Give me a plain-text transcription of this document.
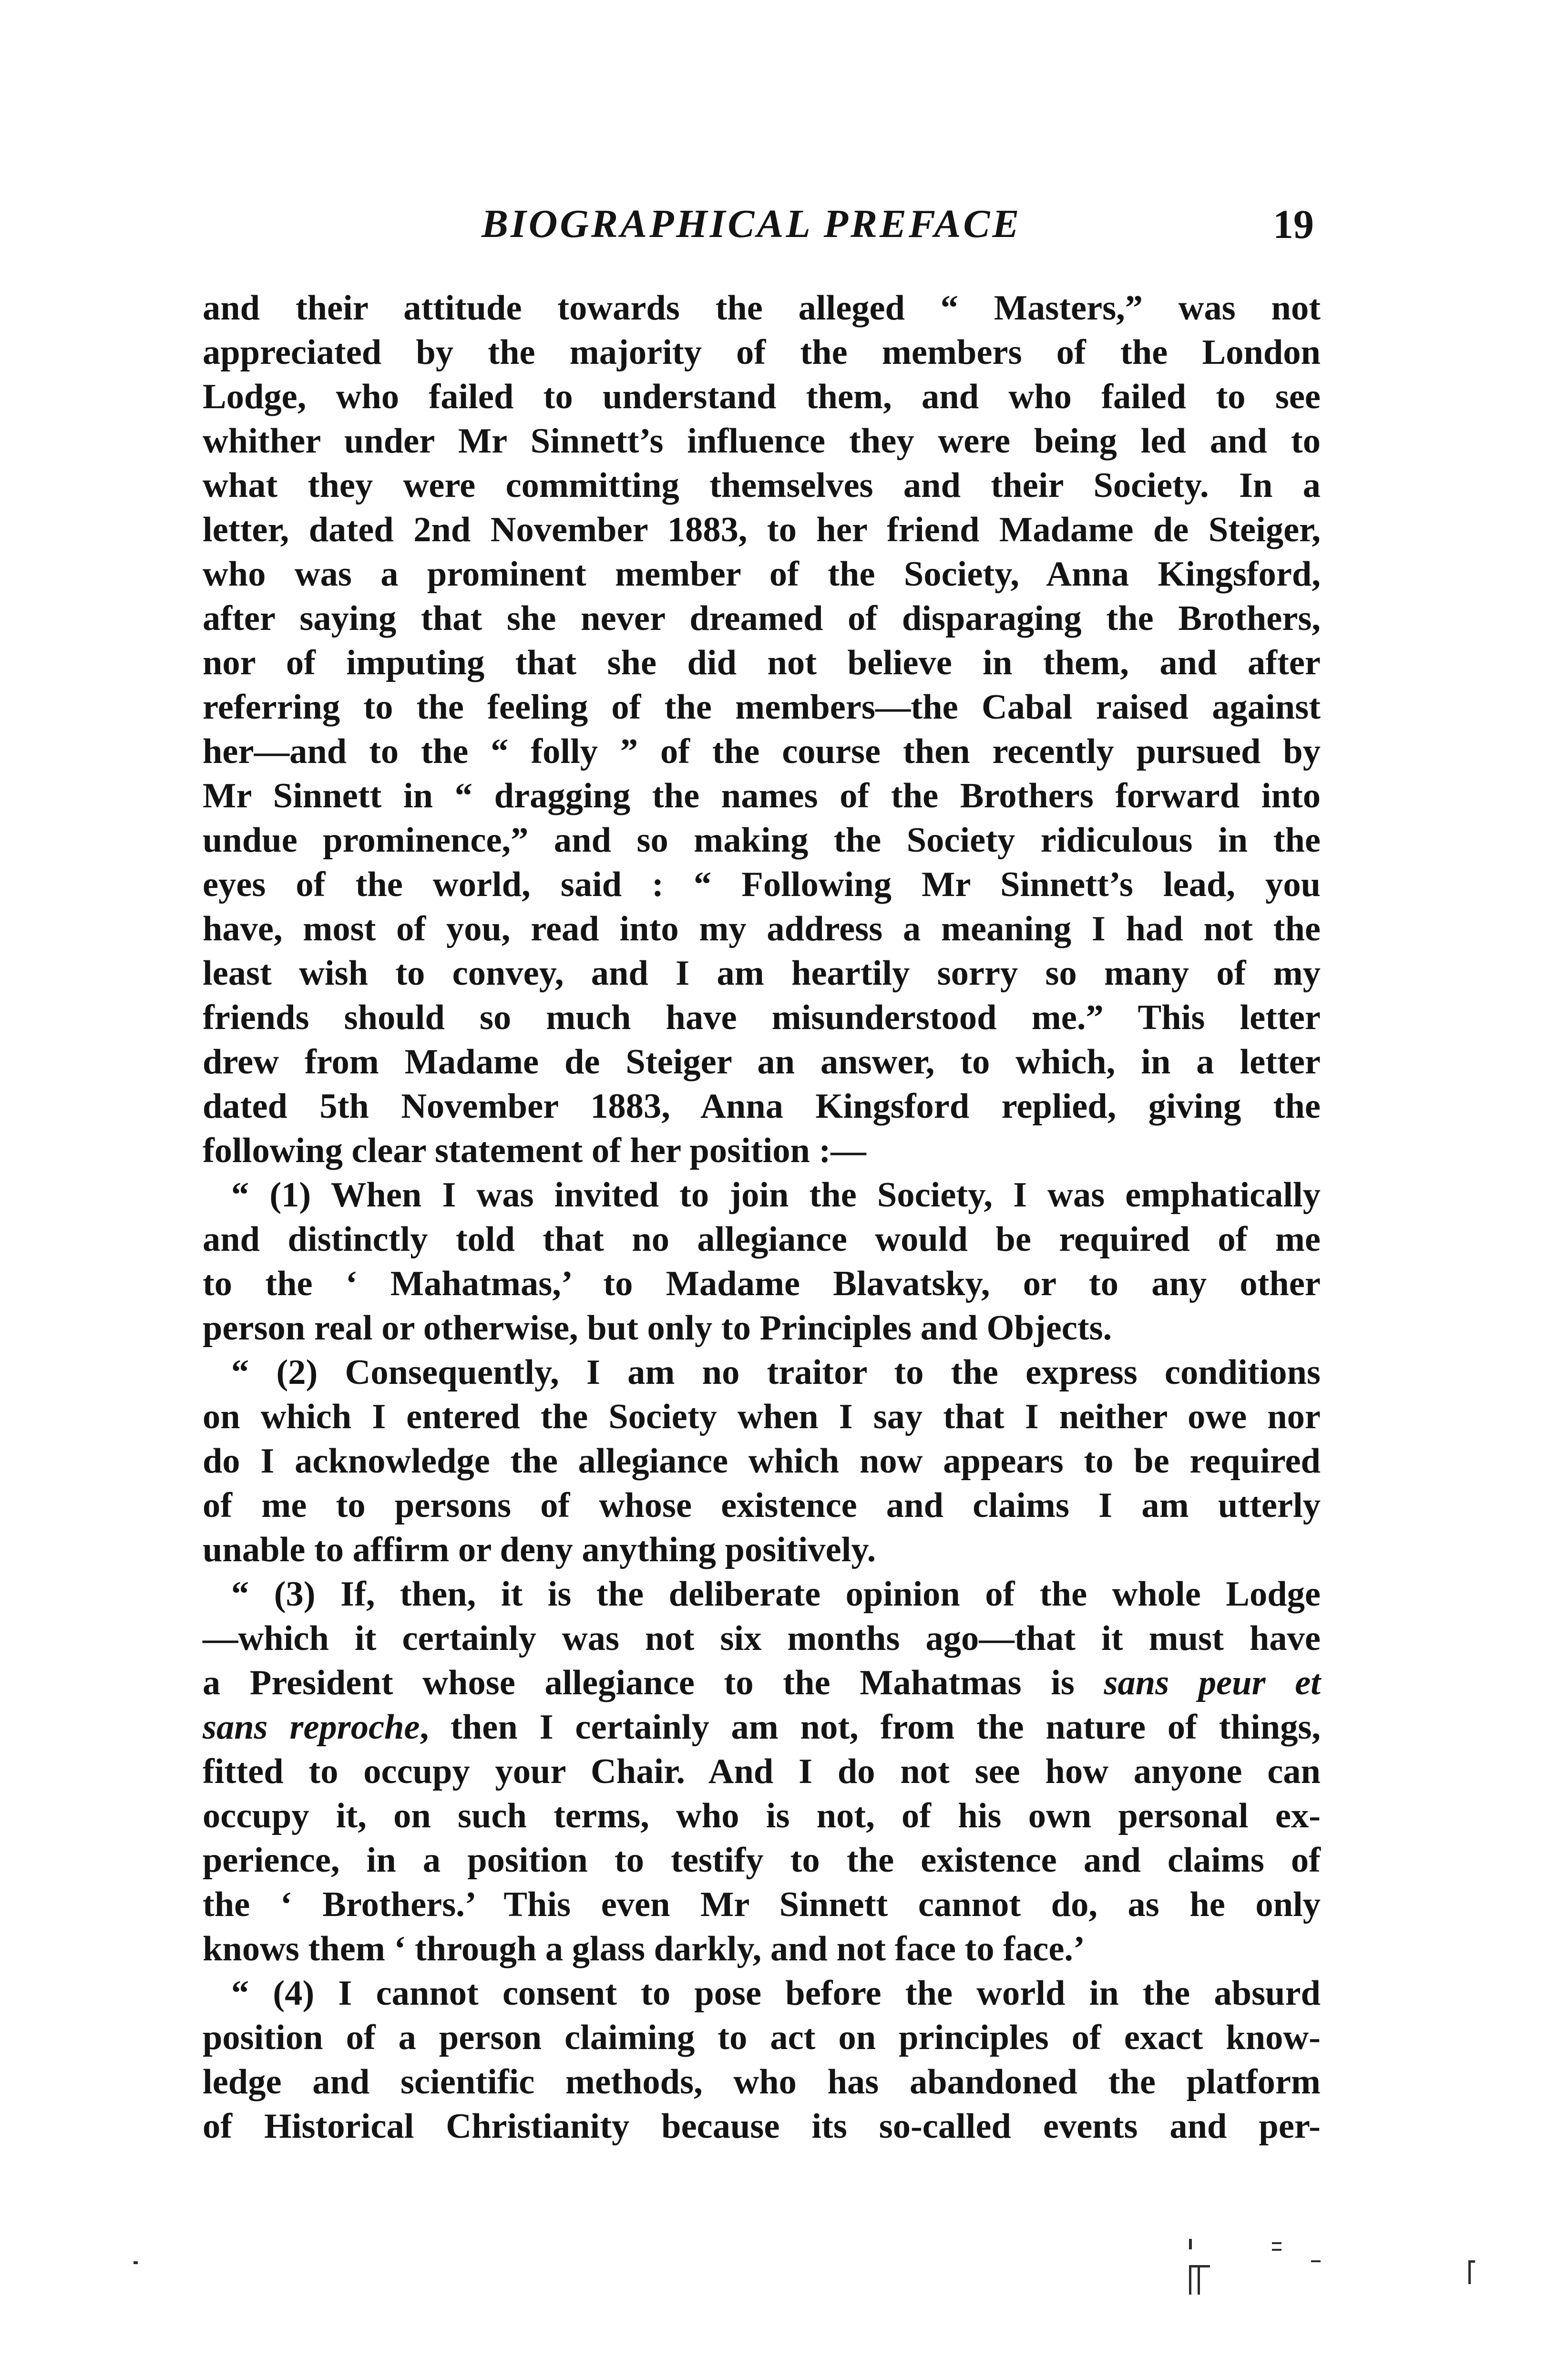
BIOGRAPHICAL PREFACE	19
and their attitude towards the alleged “ Masters,” was not
appreciated by the majority of the members of the London
Lodge, who failed to understand them, and who failed to see
whither under Mr Sinnett’s influence they were being led and to
what they were committing themselves and their Society. In a
letter, dated 2nd November 1883, to her friend Madame de Steiger,
who was a prominent member of the Society, Anna Kingsford,
after saying that she never dreamed of disparaging the Brothers,
nor of imputing that she did not believe in them, and after
referring to the feeling of the members—the Cabal raised against
her—and to the “ folly ” of the course then recently pursued by
Mr Sinnett in “ dragging the names of the Brothers forward into
undue prominence,” and so making the Society ridiculous in the
eyes of the world, said : “ Following Mr Sinnett’s lead, you
have, most of you, read into my address a meaning I had not the
least wish to convey, and I am heartily sorry so many of my
friends should so much have misunderstood me.” This letter
drew from Madame de Steiger an answer, to which, in a letter
dated 5th November 1883, Anna Kingsford replied, giving the
following clear statement of her position :—
“ (1) When I was invited to join the Society, I was emphatically
and distinctly told that no allegiance would be required of me
to the ‘ Mahatmas,’ to Madame Blavatsky, or to any other
person real or otherwise, but only to Principles and Objects.
“ (2) Consequently, I am no traitor to the express conditions
on which I entered the Society when I say that I neither owe nor
do I acknowledge the allegiance which now appears to be required
of me to persons of whose existence and claims I am utterly
unable to affirm or deny anything positively.
“ (3) If, then, it is the deliberate opinion of the whole Lodge
—which it certainly was not six months ago—that it must have
a President whose allegiance to the Mahatmas is sans peur et
sans reproche, then I certainly am not, from the nature of things,
fitted to occupy your Chair. And I do not see how anyone can
occupy it, on such terms, who is not, of his own personal ex-
perience, in a position to testify to the existence and claims of
the ‘ Brothers.’ This even Mr Sinnett cannot do, as he only
knows them ‘ through a glass darkly, and not face to face.’
“ (4) I cannot consent to pose before the world in the absurd
position of a person claiming to act on principles of exact know-
ledge and scientific methods, who has abandoned the platform
of Historical Christianity because its so-called events and per-
